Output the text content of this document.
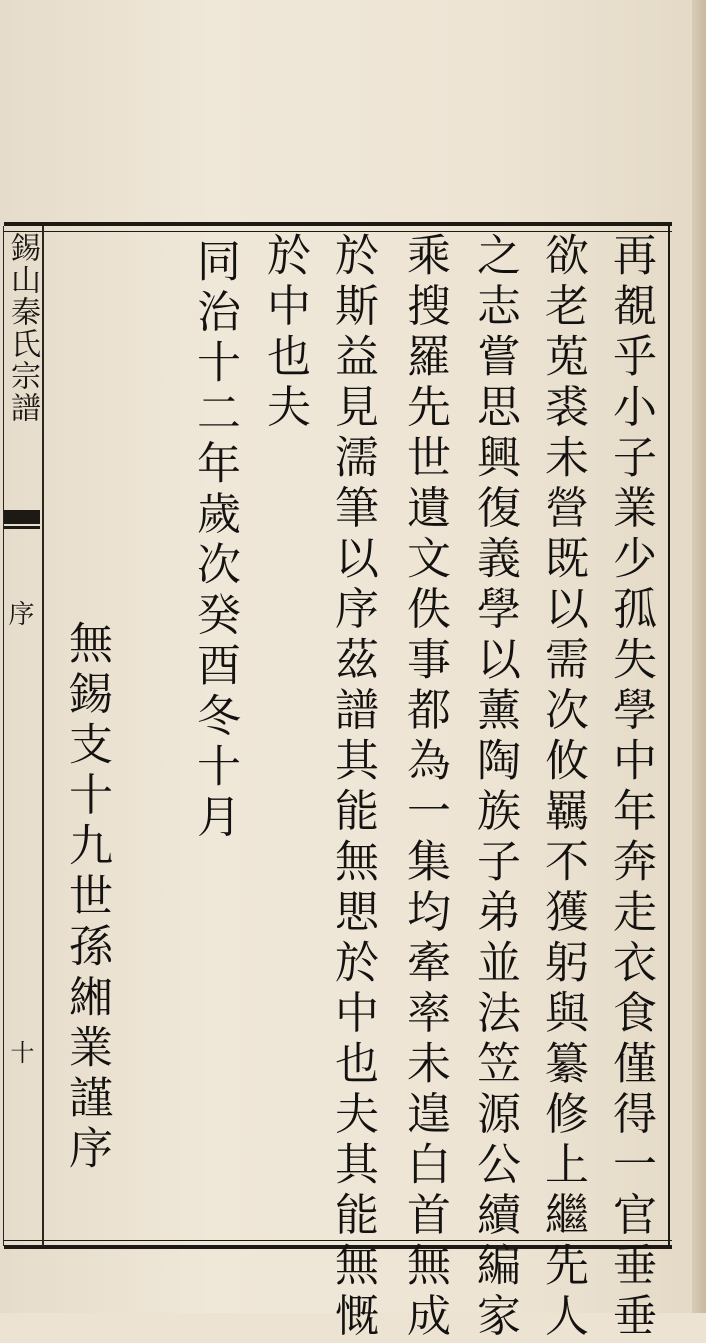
錫山秦氏宗譜
序
十	再覩乎小子業少孤失學中年奔走衣食僅得一官垂垂
欲老莵裘未營既以需次攸羈不獲躬與纂修上繼先人
之志嘗思興復義學以薰陶族子弟並法笠源公續編家
乘搜羅先世遺文佚事都為一集均牽率未遑白首無成
於斯益見濡筆以序茲譜其能無愳於中也夫其能無慨
於中也夫
同治十二年歲次癸酉冬十月
無錫支十九世孫緗業謹序
